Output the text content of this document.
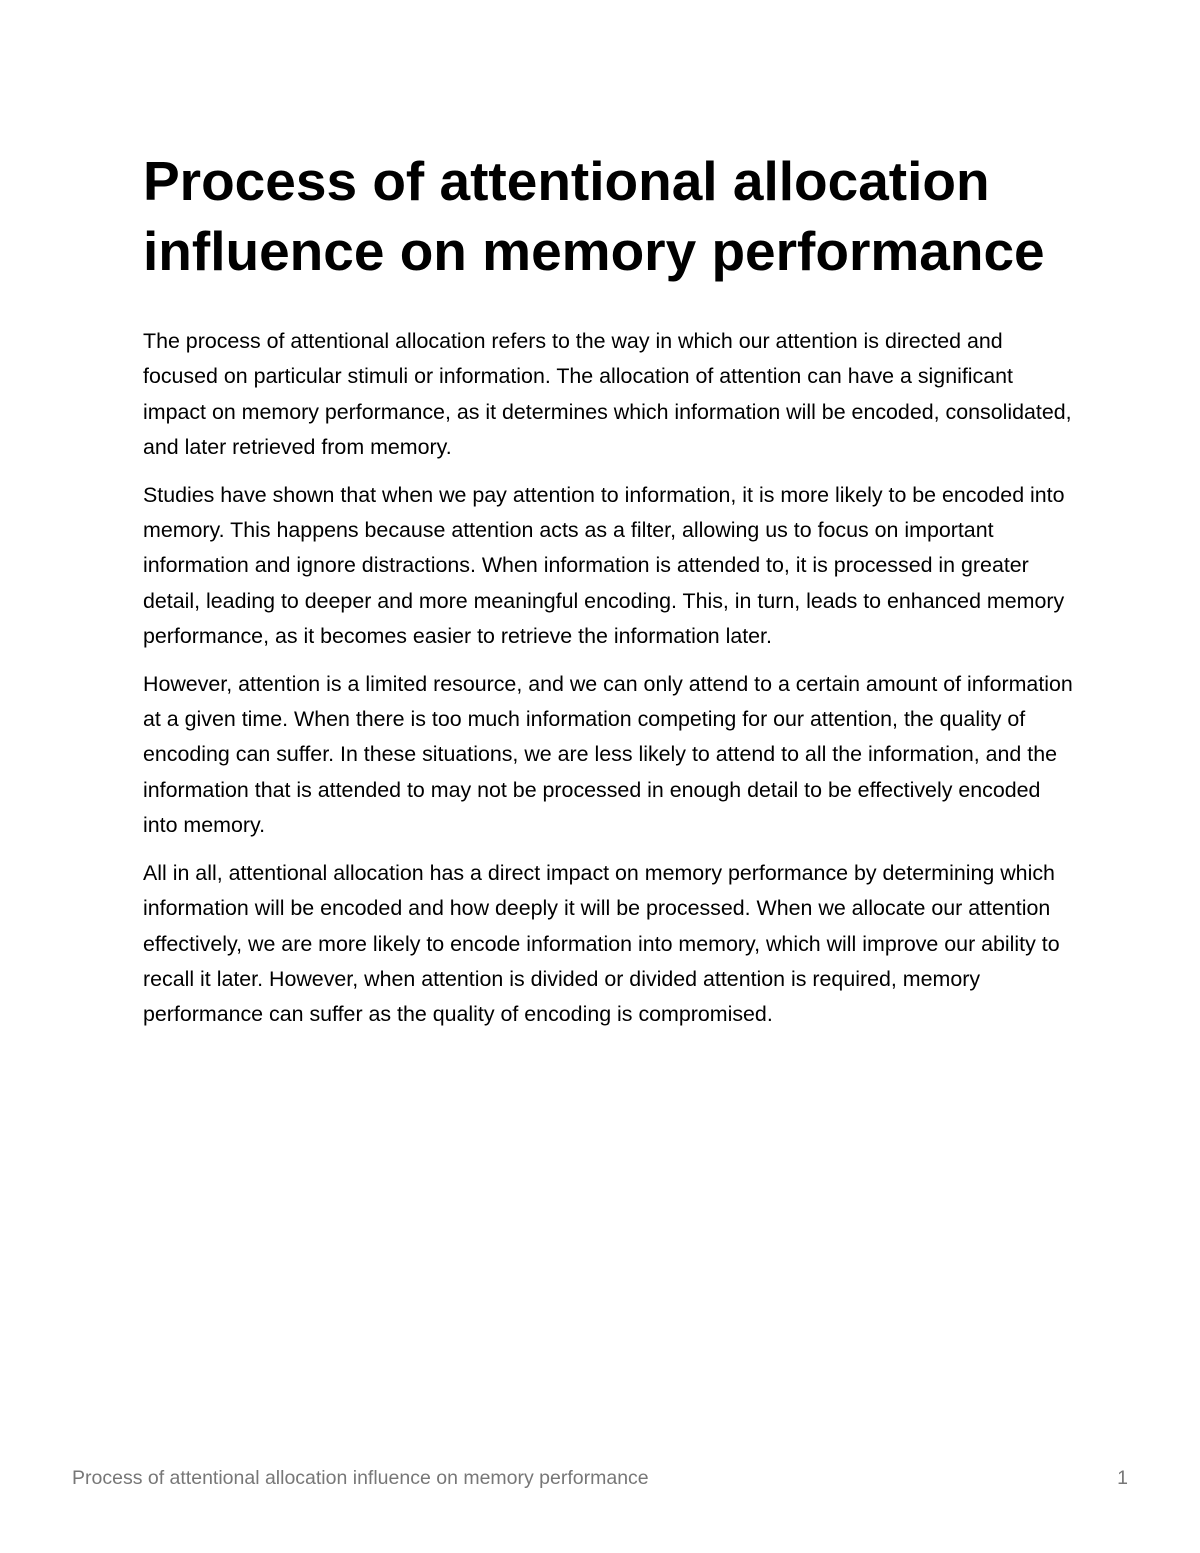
Process of attentional allocation influence on memory performance

The process of attentional allocation refers to the way in which our attention is directed and focused on particular stimuli or information. The allocation of attention can have a significant impact on memory performance, as it determines which information will be encoded, consolidated, and later retrieved from memory.

Studies have shown that when we pay attention to information, it is more likely to be encoded into memory. This happens because attention acts as a filter, allowing us to focus on important information and ignore distractions. When information is attended to, it is processed in greater detail, leading to deeper and more meaningful encoding. This, in turn, leads to enhanced memory performance, as it becomes easier to retrieve the information later.

However, attention is a limited resource, and we can only attend to a certain amount of information at a given time. When there is too much information competing for our attention, the quality of encoding can suffer. In these situations, we are less likely to attend to all the information, and the information that is attended to may not be processed in enough detail to be effectively encoded into memory.

All in all, attentional allocation has a direct impact on memory performance by determining which information will be encoded and how deeply it will be processed. When we allocate our attention effectively, we are more likely to encode information into memory, which will improve our ability to recall it later. However, when attention is divided or divided attention is required, memory performance can suffer as the quality of encoding is compromised.

Process of attentional allocation influence on memory performance	1
